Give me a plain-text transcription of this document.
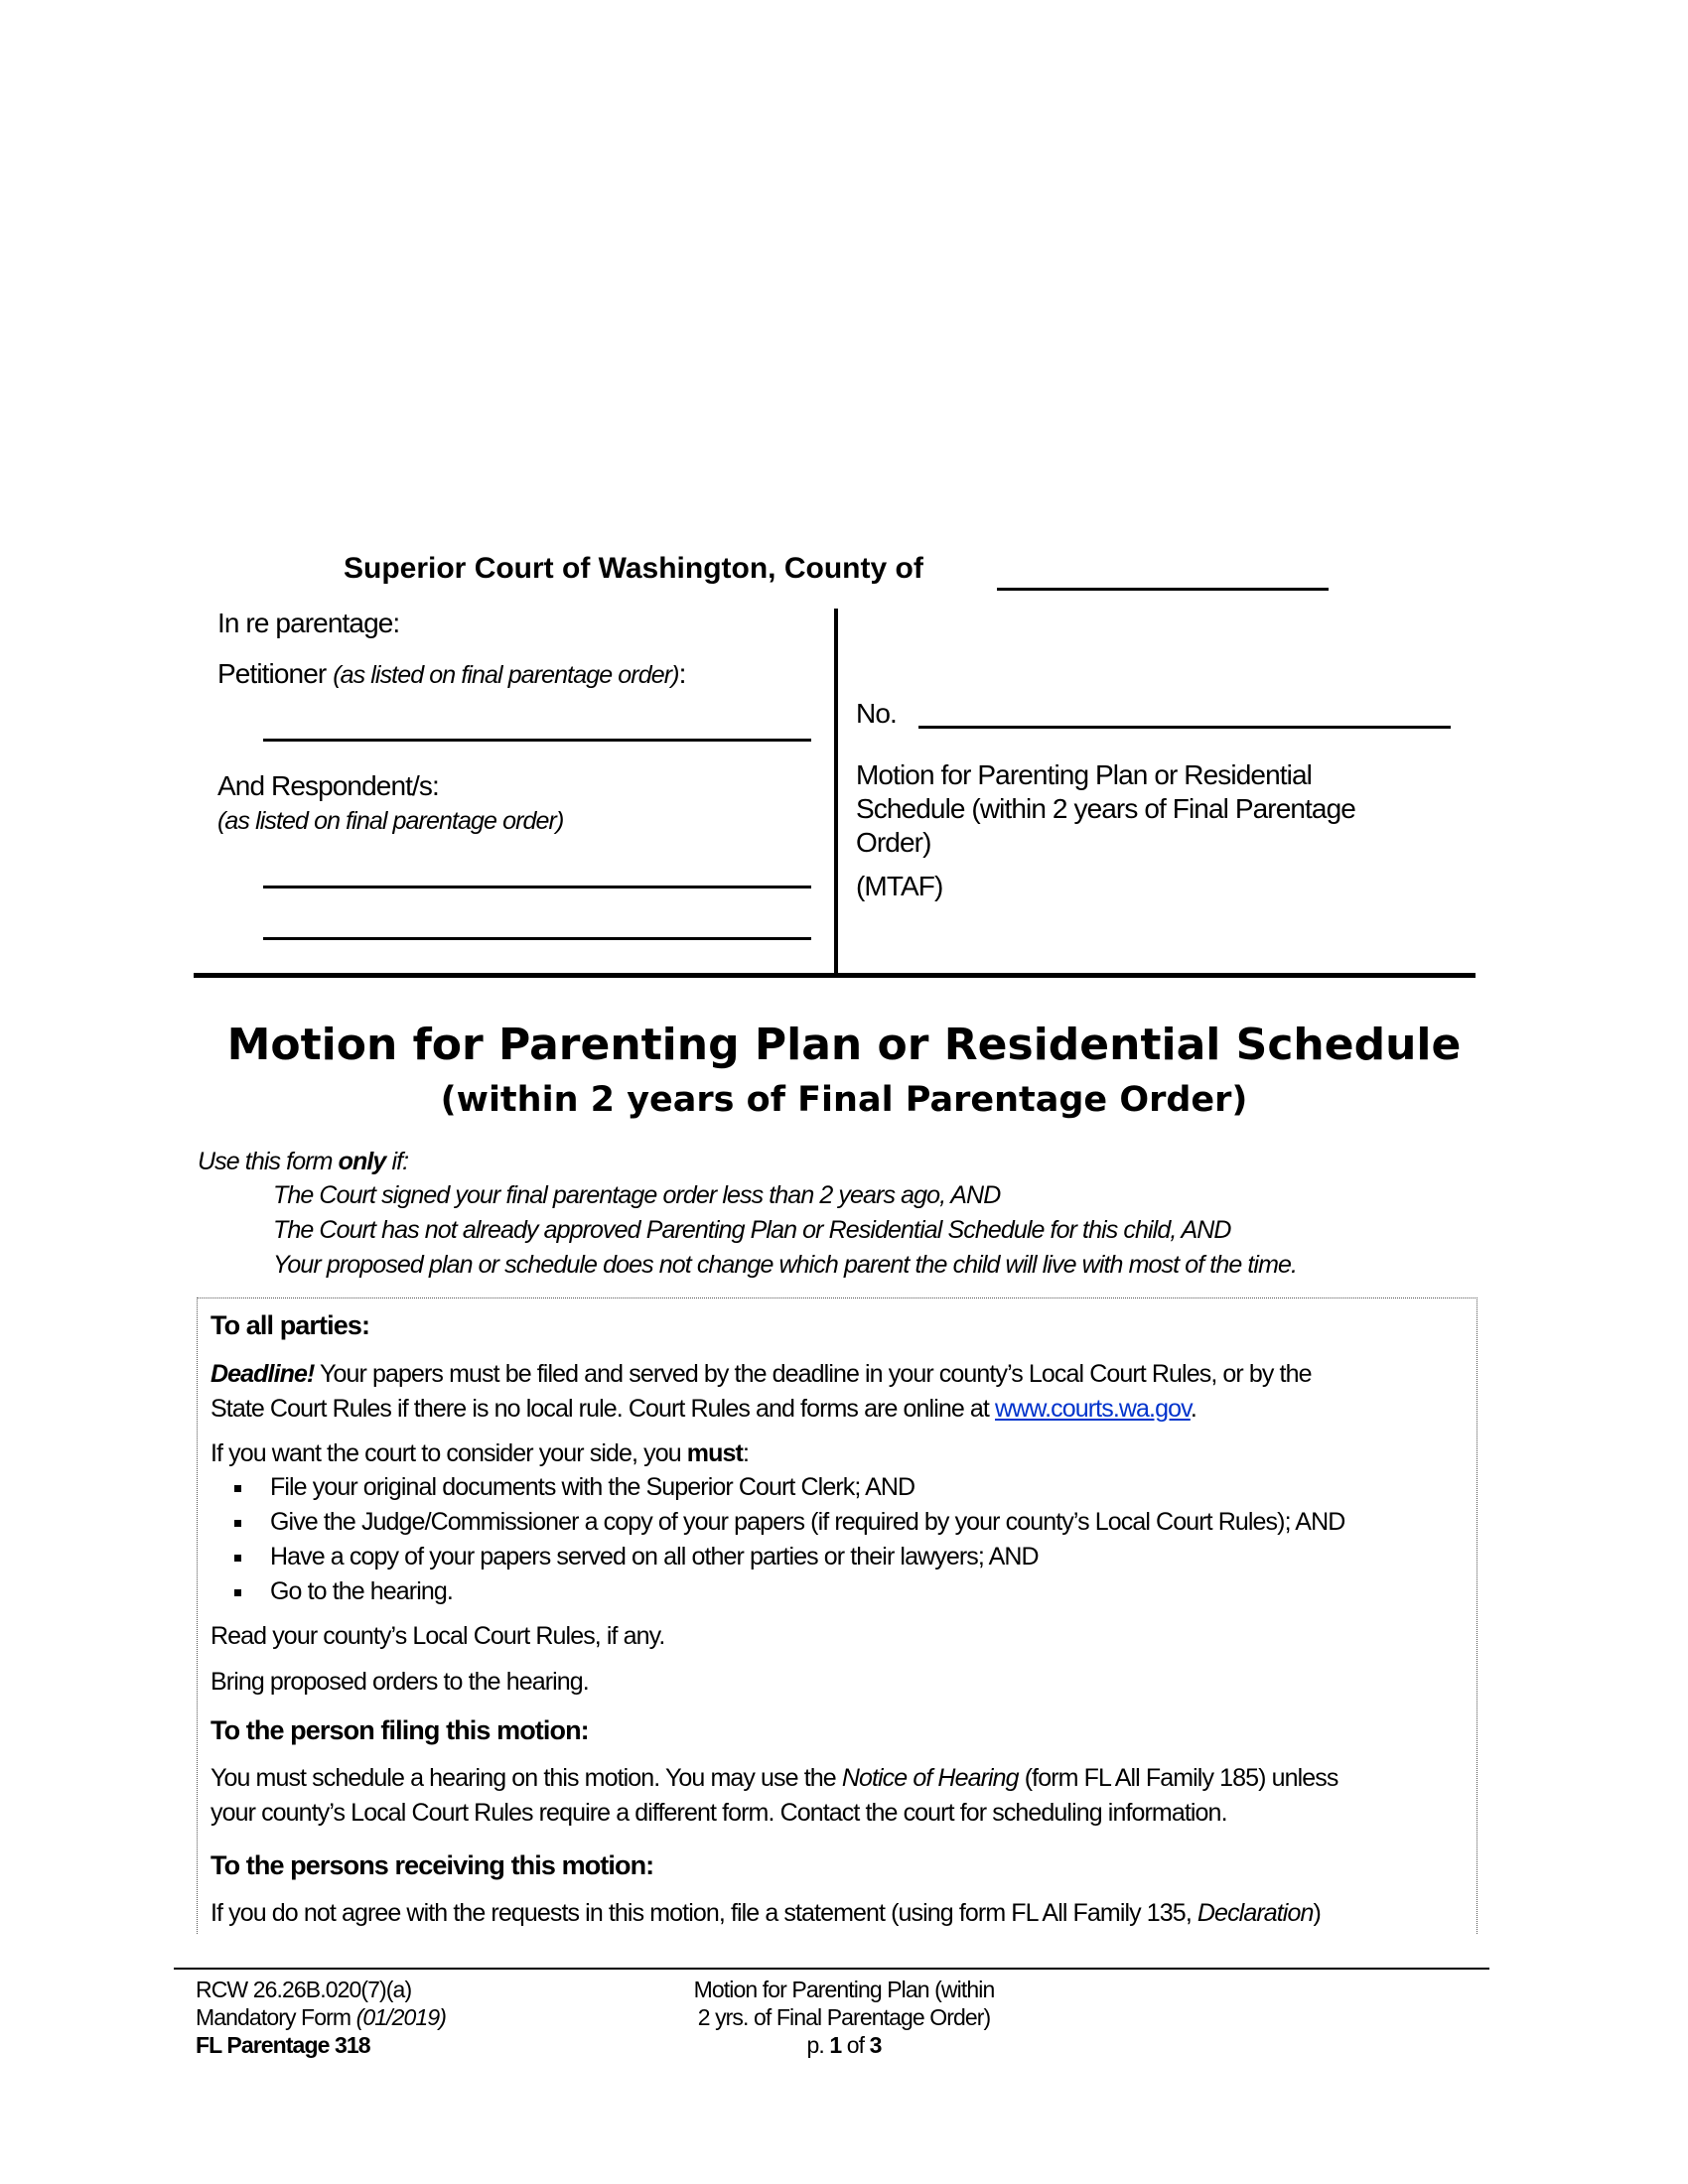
Superior Court of Washington, County of
In re parentage:
Petitioner (as listed on final parentage order):
And Respondent/s:
(as listed on final parentage order)
No.
Motion for Parenting Plan or Residential
Schedule (within 2 years of Final Parentage
Order)
(MTAF)
Motion for Parenting Plan or Residential Schedule
(within 2 years of Final Parentage Order)
Use this form only if:
The Court signed your final parentage order less than 2 years ago, AND
The Court has not already approved Parenting Plan or Residential Schedule for this child, AND
Your proposed plan or schedule does not change which parent the child will live with most of the time.
To all parties:
Deadline! Your papers must be filed and served by the deadline in your county’s Local Court Rules, or by the
State Court Rules if there is no local rule. Court Rules and forms are online at www.courts.wa.gov.
If you want the court to consider your side, you must:
File your original documents with the Superior Court Clerk; AND
Give the Judge/Commissioner a copy of your papers (if required by your county’s Local Court Rules); AND
Have a copy of your papers served on all other parties or their lawyers; AND
Go to the hearing.
Read your county’s Local Court Rules, if any.
Bring proposed orders to the hearing.
To the person filing this motion:
You must schedule a hearing on this motion. You may use the Notice of Hearing (form FL All Family 185) unless
your county’s Local Court Rules require a different form. Contact the court for scheduling information.
To the persons receiving this motion:
If you do not agree with the requests in this motion, file a statement (using form FL All Family 135, Declaration)
RCW 26.26B.020(7)(a)
Mandatory Form (01/2019)
FL Parentage 318
Motion for Parenting Plan (within
2 yrs. of Final Parentage Order)
p. 1 of 3
